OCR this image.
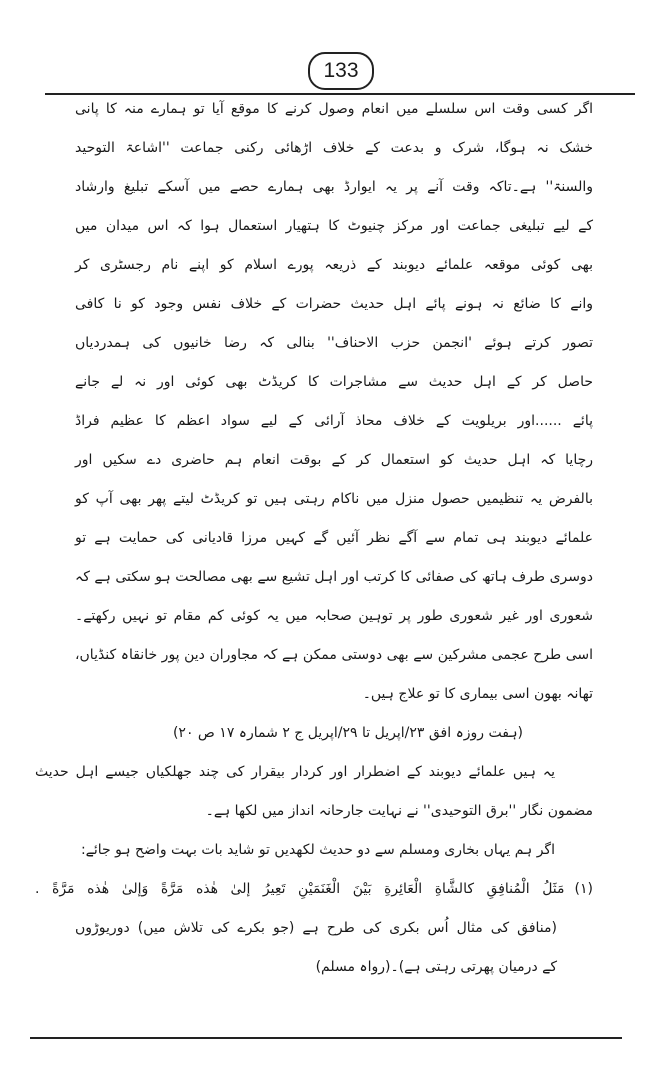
133
اگر کسی وقت اس سلسلے میں انعام وصول کرنے کا موقع آیا تو ہمارے منہ کا پانی
خشک نہ ہوگا، شرک و بدعت کے خلاف اڑھائی رکنی جماعت ''اشاعۃ التوحید
والسنۃ'' ہے۔تاکہ وقت آنے پر یہ ایوارڈ بھی ہمارے حصے میں آسکے تبلیغ وارشاد
کے لیے تبلیغی جماعت اور مرکز چنیوٹ کا ہتھیار استعمال ہوا کہ اس میدان میں
بھی کوئی موقعہ علمائے دیوبند کے ذریعہ پورے اسلام کو اپنے نام رجسٹری کر
وانے کا ضائع نہ ہونے پائے اہل حدیث حضرات کے خلاف نفس وجود کو نا کافی
تصور کرتے ہوئے 'انجمن حزب الاحناف'' بنالی کہ رضا خانیوں کی ہمدردیاں
حاصل کر کے اہل حدیث سے مشاجرات کا کریڈٹ بھی کوئی اور نہ لے جانے
پائے ......اور بریلویت کے خلاف محاذ آرائی کے لیے سواد اعظم کا عظیم فراڈ
رچایا کہ اہل حدیث کو استعمال کر کے بوقت انعام ہم حاضری دے سکیں اور
بالفرض یہ تنظیمیں حصول منزل میں ناکام رہتی ہیں تو کریڈٹ لیتے پھر بھی آپ کو
علمائے دیوبند ہی تمام سے آگے نظر آئیں گے کہیں مرزا قادیانی کی حمایت ہے تو
دوسری طرف ہاتھ کی صفائی کا کرتب اور اہل تشیع سے بھی مصالحت ہو سکتی ہے کہ
شعوری اور غیر شعوری طور پر توہین صحابہ میں یہ کوئی کم مقام تو نہیں رکھتے۔
اسی طرح عجمی مشرکین سے بھی دوستی ممکن ہے کہ مجاوران دین پور خانقاہ کنڈیاں،
تھانہ بھون اسی بیماری کا تو علاج ہیں۔
(ہفت روزہ افق ۲۳/اپریل تا ۲۹/اپریل ج ۲ شمارہ ۱۷ ص ۲۰)
یہ ہیں علمائے دیوبند کے اضطرار اور کردار بیقرار کی چند جھلکیاں جیسے اہل حدیث
مضمون نگار ''برق التوحیدی'' نے نہایت جارحانہ انداز میں لکھا ہے۔
اگر ہم یہاں بخاری ومسلم سے دو حدیث لکھدیں تو شاید بات بہت واضح ہو جائے:
(۱)مَثَلُ الْمُنافِقِ كالشَّاةِ الْعَائِرةِ بَيْنَ الْغَنَمَيْنِ تَعِيرُ إلىٰ هٰذه مَرَّةً وَإلىٰ هٰذه مَرَّةً .
(منافق کی مثال اُس بکری کی طرح ہے (جو بکرے کی تلاش میں) دوریوڑوں
کے درمیان پھرتی رہتی ہے)۔(رواہ مسلم)
